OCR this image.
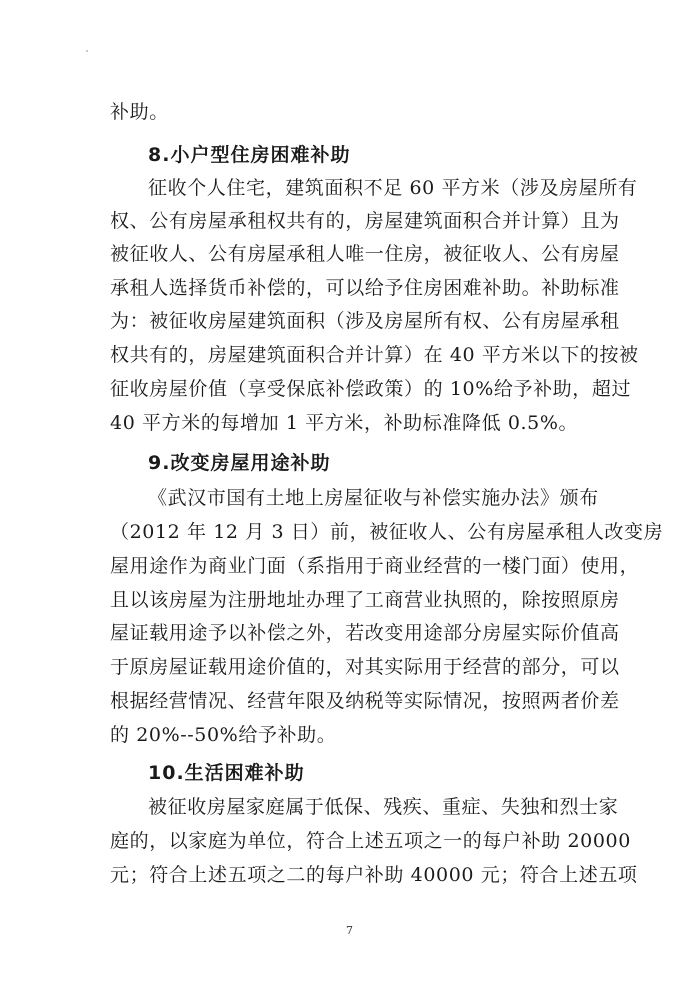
补助。
8.小户型住房困难补助
征收个人住宅，建筑面积不足 60 平方米（涉及房屋所有
权、公有房屋承租权共有的，房屋建筑面积合并计算）且为
被征收人、公有房屋承租人唯一住房，被征收人、公有房屋
承租人选择货币补偿的，可以给予住房困难补助。补助标准
为：被征收房屋建筑面积（涉及房屋所有权、公有房屋承租
权共有的，房屋建筑面积合并计算）在 40 平方米以下的按被
征收房屋价值（享受保底补偿政策）的 10%给予补助，超过
40 平方米的每增加 1 平方米，补助标准降低 0.5%。
9.改变房屋用途补助
《武汉市国有土地上房屋征收与补偿实施办法》颁布
（2012 年 12 月 3 日）前，被征收人、公有房屋承租人改变房
屋用途作为商业门面（系指用于商业经营的一楼门面）使用，
且以该房屋为注册地址办理了工商营业执照的，除按照原房
屋证载用途予以补偿之外，若改变用途部分房屋实际价值高
于原房屋证载用途价值的，对其实际用于经营的部分，可以
根据经营情况、经营年限及纳税等实际情况，按照两者价差
的 20%--50%给予补助。
10.生活困难补助
被征收房屋家庭属于低保、残疾、重症、失独和烈士家
庭的，以家庭为单位，符合上述五项之一的每户补助 20000
元；符合上述五项之二的每户补助 40000 元；符合上述五项
7
